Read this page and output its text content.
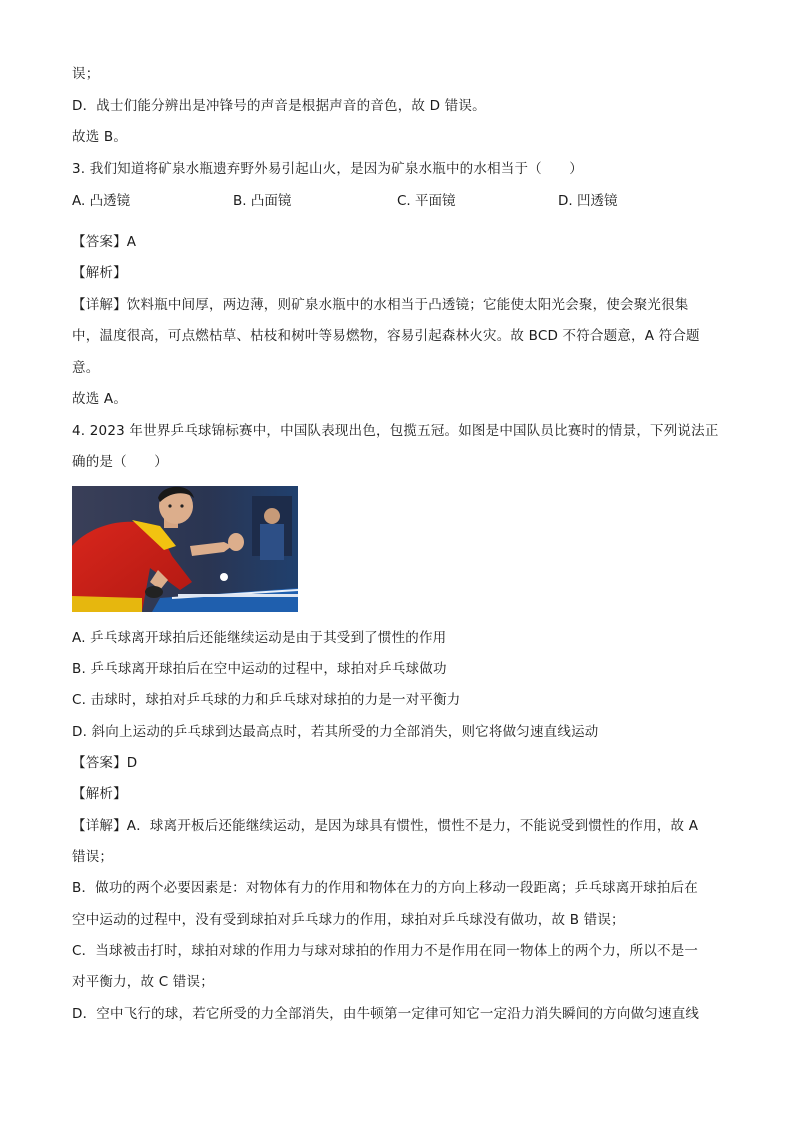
误；
D．战士们能分辨出是冲锋号的声音是根据声音的音色，故 D 错误。
故选 B。
3. 我们知道将矿泉水瓶遗弃野外易引起山火，是因为矿泉水瓶中的水相当于（　　）
A. 凸透镜	B. 凸面镜	C. 平面镜	D. 凹透镜
【答案】A
【解析】
【详解】饮料瓶中间厚，两边薄，则矿泉水瓶中的水相当于凸透镜；它能使太阳光会聚，使会聚光很集
中，温度很高，可点燃枯草、枯枝和树叶等易燃物，容易引起森林火灾。故 BCD 不符合题意，A 符合题
意。
故选 A。
4. 2023 年世界乒乓球锦标赛中，中国队表现出色，包揽五冠。如图是中国队员比赛时的情景，下列说法正
确的是（　　）
A. 乒乓球离开球拍后还能继续运动是由于其受到了惯性的作用
B. 乒乓球离开球拍后在空中运动的过程中，球拍对乒乓球做功
C. 击球时，球拍对乒乓球的力和乒乓球对球拍的力是一对平衡力
D. 斜向上运动的乒乓球到达最高点时，若其所受的力全部消失，则它将做匀速直线运动
【答案】D
【解析】
【详解】A．球离开板后还能继续运动，是因为球具有惯性，惯性不是力，不能说受到惯性的作用，故 A
错误；
B．做功的两个必要因素是：对物体有力的作用和物体在力的方向上移动一段距离；乒乓球离开球拍后在
空中运动的过程中，没有受到球拍对乒乓球力的作用，球拍对乒乓球没有做功，故 B 错误；
C．当球被击打时，球拍对球的作用力与球对球拍的作用力不是作用在同一物体上的两个力，所以不是一
对平衡力，故 C 错误；
D．空中飞行的球，若它所受的力全部消失，由牛顿第一定律可知它一定沿力消失瞬间的方向做匀速直线
